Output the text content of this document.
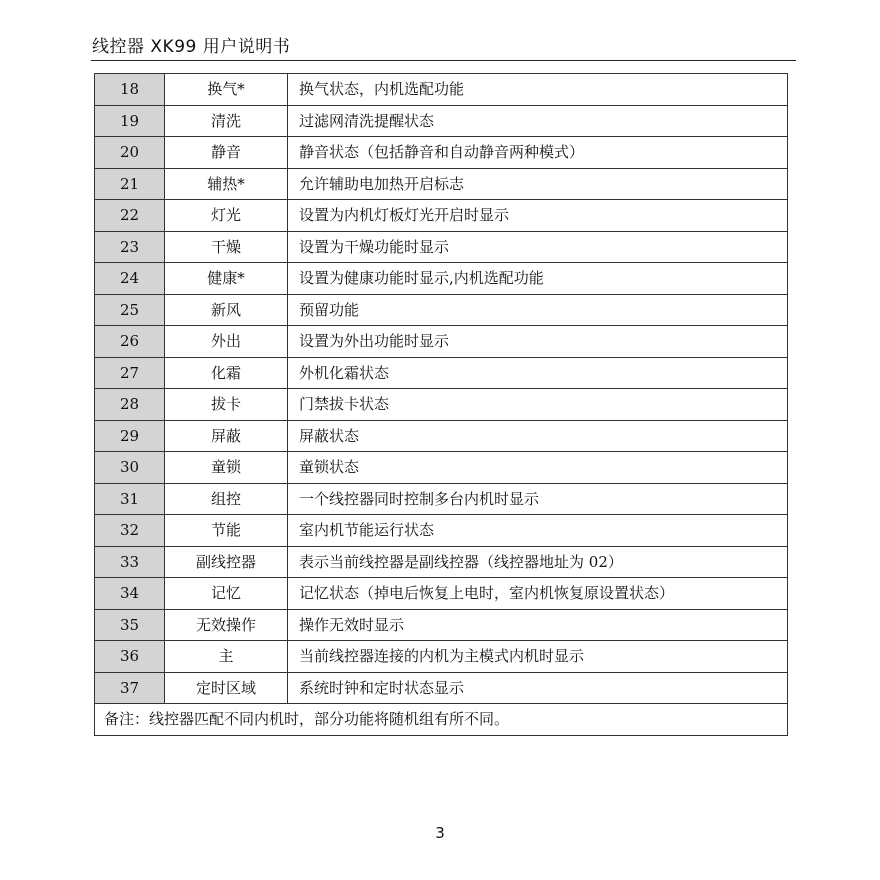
线控器 XK99 用户说明书
18	换气*	换气状态，内机选配功能
19	清洗	过滤网清洗提醒状态
20	静音	静音状态（包括静音和自动静音两种模式）
21	辅热*	允许辅助电加热开启标志
22	灯光	设置为内机灯板灯光开启时显示
23	干燥	设置为干燥功能时显示
24	健康*	设置为健康功能时显示,内机选配功能
25	新风	预留功能
26	外出	设置为外出功能时显示
27	化霜	外机化霜状态
28	拔卡	门禁拔卡状态
29	屏蔽	屏蔽状态
30	童锁	童锁状态
31	组控	一个线控器同时控制多台内机时显示
32	节能	室内机节能运行状态
33	副线控器	表示当前线控器是副线控器（线控器地址为 02）
34	记忆	记忆状态（掉电后恢复上电时，室内机恢复原设置状态）
35	无效操作	操作无效时显示
36	主	当前线控器连接的内机为主模式内机时显示
37	定时区域	系统时钟和定时状态显示
备注：线控器匹配不同内机时，部分功能将随机组有所不同。		
3
